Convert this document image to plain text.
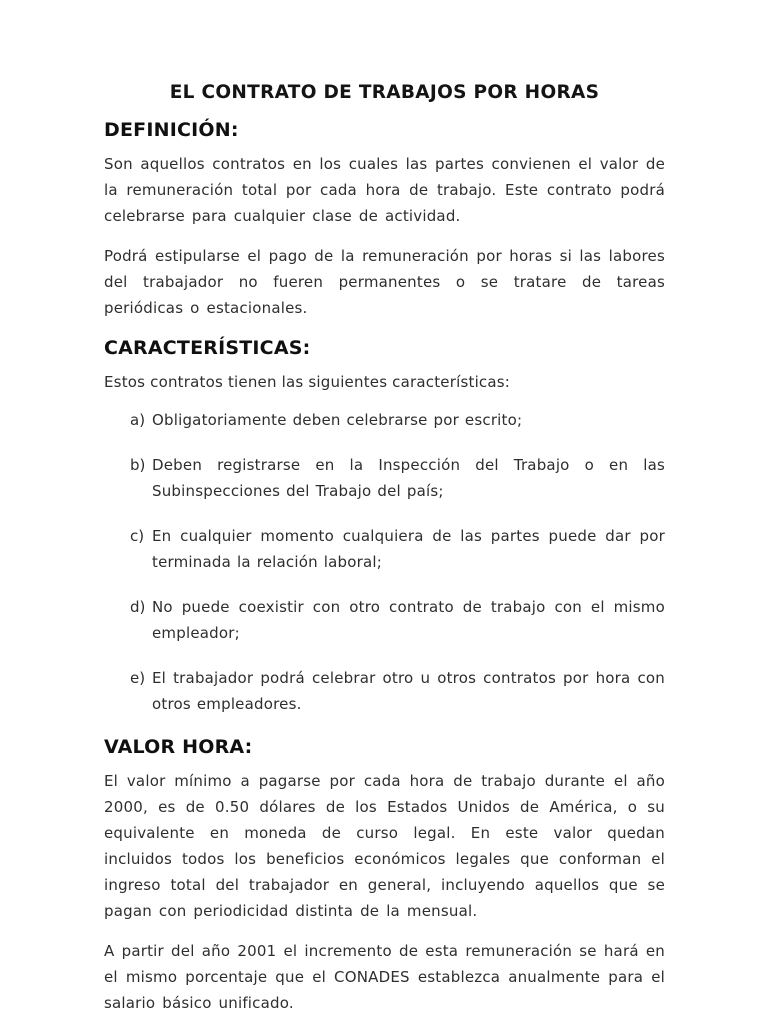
EL CONTRATO DE TRABAJOS POR HORAS
DEFINICIÓN:

Son aquellos contratos en los cuales las partes convienen el valor de la remuneración total por cada hora de trabajo. Este contrato podrá celebrarse para cualquier clase de actividad.

Podrá estipularse el pago de la remuneración por horas si las labores del trabajador no fueren permanentes o se tratare de tareas periódicas o estacionales.

CARACTERÍSTICAS:
Estos contratos tienen las siguientes características:
a) Obligatoriamente deben celebrarse por escrito;
b) Deben registrarse en la Inspección del Trabajo o en las Subinspecciones del Trabajo del país;
c) En cualquier momento cualquiera de las partes puede dar por terminada la relación laboral;
d) No puede coexistir con otro contrato de trabajo con el mismo empleador;
e) El trabajador podrá celebrar otro u otros contratos por hora con otros empleadores.
VALOR HORA:

El valor mínimo a pagarse por cada hora de trabajo durante el año 2000, es de 0.50 dólares de los Estados Unidos de América, o su equivalente en moneda de curso legal. En este valor quedan incluidos todos los beneficios económicos legales que conforman el ingreso total del trabajador en general, incluyendo aquellos que se pagan con periodicidad distinta de la mensual.

A partir del año 2001 el incremento de esta remuneración se hará en el mismo porcentaje que el CONADES establezca anualmente para el salario básico unificado.
